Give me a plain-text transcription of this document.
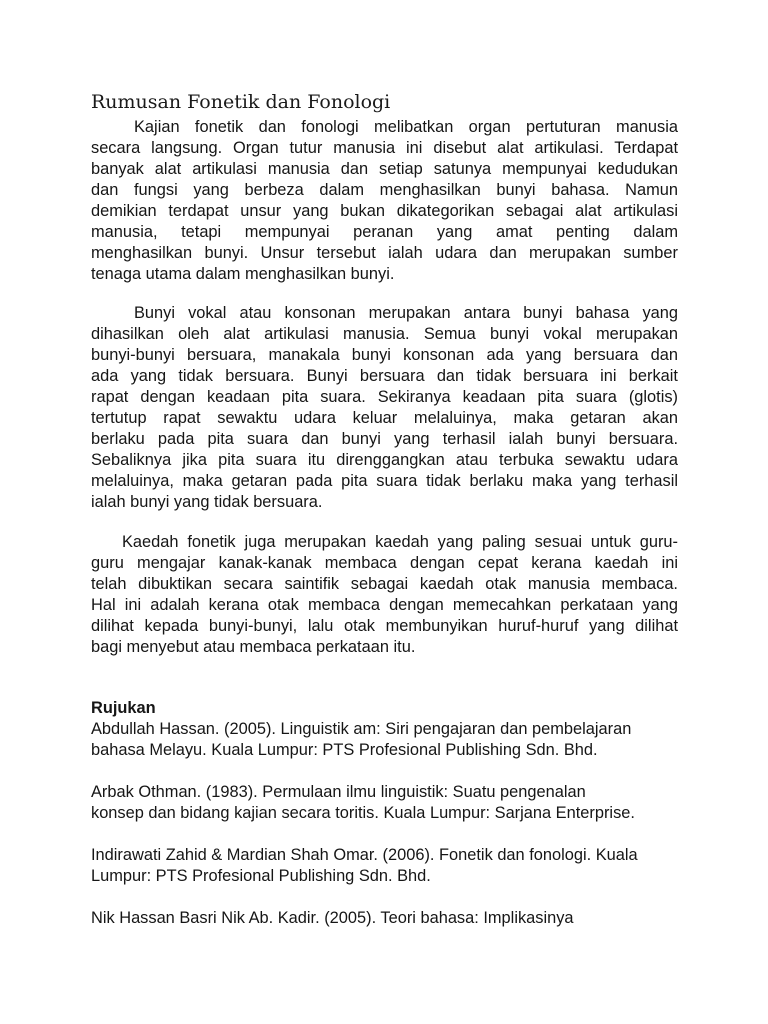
Rumusan Fonetik dan Fonologi
Kajian fonetik dan fonologi melibatkan organ pertuturan manusia
secara langsung. Organ tutur manusia ini disebut alat artikulasi. Terdapat
banyak alat artikulasi manusia dan setiap satunya mempunyai kedudukan
dan fungsi yang berbeza dalam menghasilkan bunyi bahasa. Namun
demikian terdapat unsur yang bukan dikategorikan sebagai alat artikulasi
manusia, tetapi mempunyai peranan yang amat penting dalam
menghasilkan bunyi. Unsur tersebut ialah udara dan merupakan sumber
tenaga utama dalam menghasilkan bunyi.
Bunyi vokal atau konsonan merupakan antara bunyi bahasa yang
dihasilkan oleh alat artikulasi manusia. Semua bunyi vokal merupakan
bunyi-bunyi bersuara, manakala bunyi konsonan ada yang bersuara dan
ada yang tidak bersuara. Bunyi bersuara dan tidak bersuara ini berkait
rapat dengan keadaan pita suara. Sekiranya keadaan pita suara (glotis)
tertutup rapat sewaktu udara keluar melaluinya, maka getaran akan
berlaku pada pita suara dan bunyi yang terhasil ialah bunyi bersuara.
Sebaliknya jika pita suara itu direnggangkan atau terbuka sewaktu udara
melaluinya, maka getaran pada pita suara tidak berlaku maka yang terhasil
ialah bunyi yang tidak bersuara.
Kaedah fonetik juga merupakan kaedah yang paling sesuai untuk guru-
guru mengajar kanak-kanak membaca dengan cepat kerana kaedah ini
telah dibuktikan secara saintifik sebagai kaedah otak manusia membaca.
Hal ini adalah kerana otak membaca dengan memecahkan perkataan yang
dilihat kepada bunyi-bunyi, lalu otak membunyikan huruf-huruf yang dilihat
bagi menyebut atau membaca perkataan itu.
Rujukan
Abdullah Hassan. (2005). Linguistik am: Siri pengajaran dan pembelajaran
bahasa Melayu. Kuala Lumpur: PTS Profesional Publishing Sdn. Bhd.
Arbak Othman. (1983). Permulaan ilmu linguistik: Suatu pengenalan
konsep dan bidang kajian secara toritis. Kuala Lumpur: Sarjana Enterprise.
Indirawati Zahid & Mardian Shah Omar. (2006). Fonetik dan fonologi. Kuala
Lumpur: PTS Profesional Publishing Sdn. Bhd.
Nik Hassan Basri Nik Ab. Kadir. (2005). Teori bahasa: Implikasinya
